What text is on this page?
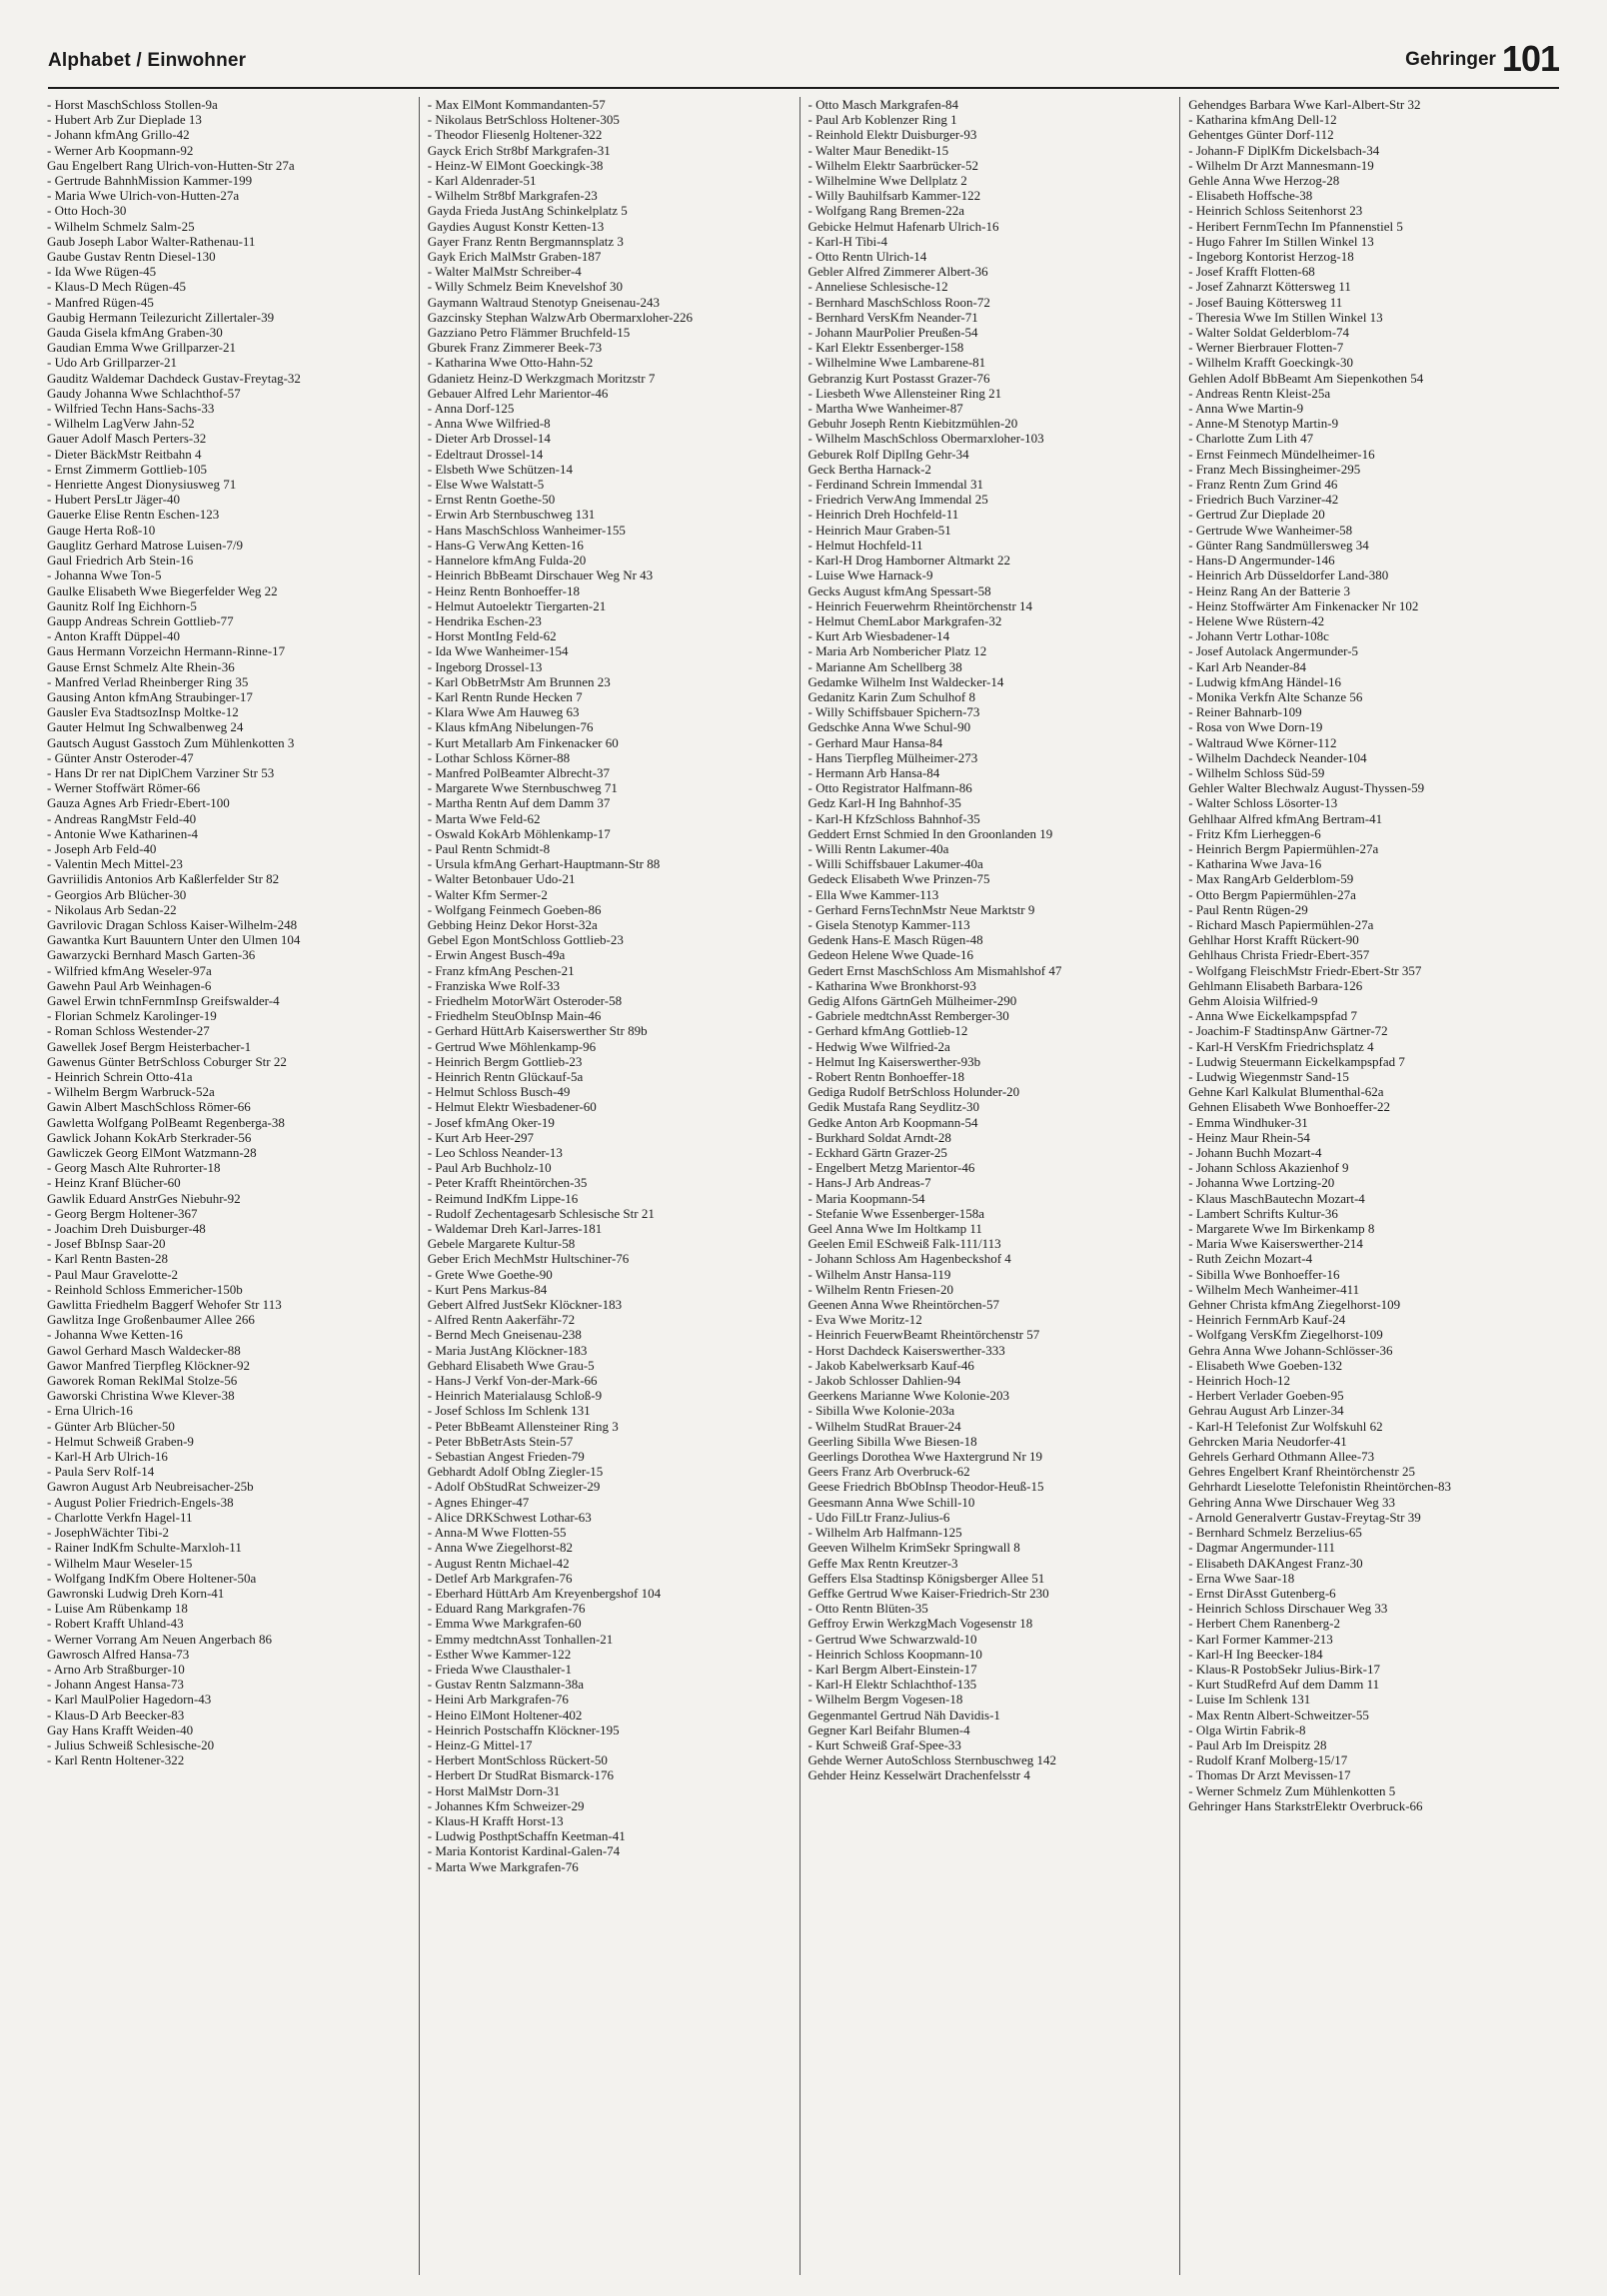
Alphabet / Einwohner	Gehringer 101
- Horst MaschSchloss Stollen-9a
- Hubert Arb Zur Dieplade 13
- Johann kfmAng Grillo-42
- Werner Arb Koopmann-92
Gau Engelbert Rang Ulrich-von-Hutten-Str 27a
- Gertrude BahnhMission Kammer-199
- Maria Wwe Ulrich-von-Hutten-27a
- Otto Hoch-30
- Wilhelm Schmelz Salm-25
Gaub Joseph Labor Walter-Rathenau-11
Gaube Gustav Rentn Diesel-130
- Ida Wwe Rügen-45
- Klaus-D Mech Rügen-45
- Manfred Rügen-45
Gaubig Hermann Teilezuricht Zillertaler-39
Gauda Gisela kfmAng Graben-30
Gaudian Emma Wwe Grillparzer-21
- Udo Arb Grillparzer-21
Gauditz Waldemar Dachdeck Gustav-Freytag-32
Gaudy Johanna Wwe Schlachthof-57
- Wilfried Techn Hans-Sachs-33
- Wilhelm LagVerw Jahn-52
Gauer Adolf Masch Perters-32
- Dieter BäckMstr Reitbahn 4
- Ernst Zimmerm Gottlieb-105
- Henriette Angest Dionysiusweg 71
- Hubert PersLtr Jäger-40
Gauerke Elise Rentn Eschen-123
Gauge Herta Roß-10
Gauglitz Gerhard Matrose Luisen-7/9
Gaul Friedrich Arb Stein-16
- Johanna Wwe Ton-5
Gaulke Elisabeth Wwe Biegerfelder Weg 22
Gaunitz Rolf Ing Eichhorn-5
Gaupp Andreas Schrein Gottlieb-77
- Anton Krafft Düppel-40
Gaus Hermann Vorzeichn Hermann-Rinne-17
Gause Ernst Schmelz Alte Rhein-36
- Manfred Verlad Rheinberger Ring 35
Gausing Anton kfmAng Straubinger-17
Gausler Eva StadtsozInsp Moltke-12
Gauter Helmut Ing Schwalbenweg 24
Gautsch August Gasstoch Zum Mühlenkotten 3
- Günter Anstr Osteroder-47
- Hans Dr rer nat DiplChem Varziner Str 53
- Werner Stoffwärt Römer-66
Gauza Agnes Arb Friedr-Ebert-100
- Andreas RangMstr Feld-40
- Antonie Wwe Katharinen-4
- Joseph Arb Feld-40
- Valentin Mech Mittel-23
Gavriilidis Antonios Arb Kaßlerfelder Str 82
- Georgios Arb Blücher-30
- Nikolaus Arb Sedan-22
Gavrilovic Dragan Schloss Kaiser-Wilhelm-248
Gawantka Kurt Bauuntern Unter den Ulmen 104
Gawarzycki Bernhard Masch Garten-36
- Wilfried kfmAng Weseler-97a
Gawehn Paul Arb Weinhagen-6
Gawel Erwin tchnFernmInsp Greifswalder-4
- Florian Schmelz Karolinger-19
- Roman Schloss Westender-27
Gawellek Josef Bergm Heisterbacher-1
Gawenus Günter BetrSchloss Coburger Str 22
- Heinrich Schrein Otto-41a
- Wilhelm Bergm Warbruck-52a
Gawin Albert MaschSchloss Römer-66
Gawletta Wolfgang PolBeamt Regenberga-38
Gawlick Johann KokArb Sterkrader-56
Gawliczek Georg ElMont Watzmann-28
- Georg Masch Alte Ruhrorter-18
- Heinz Kranf Blücher-60
Gawlik Eduard AnstrGes Niebuhr-92
- Georg Bergm Holtener-367
- Joachim Dreh Duisburger-48
- Josef BbInsp Saar-20
- Karl Rentn Basten-28
- Paul Maur Gravelotte-2
- Reinhold Schloss Emmericher-150b
Gawlitta Friedhelm Baggerf Wehofer Str 113
Gawlitza Inge Großenbaumer Allee 266
- Johanna Wwe Ketten-16
Gawol Gerhard Masch Waldecker-88
Gawor Manfred Tierpfleg Klöckner-92
Gaworek Roman ReklMal Stolze-56
Gaworski Christina Wwe Klever-38
- Erna Ulrich-16
- Günter Arb Blücher-50
- Helmut Schweiß Graben-9
- Karl-H Arb Ulrich-16
- Paula Serv Rolf-14
Gawron August Arb Neubreisacher-25b
- August Polier Friedrich-Engels-38
- Charlotte Verkfn Hagel-11
- JosephWächter Tibi-2
- Rainer IndKfm Schulte-Marxloh-11
- Wilhelm Maur Weseler-15
- Wolfgang IndKfm Obere Holtener-50a
Gawronski Ludwig Dreh Korn-41
- Luise Am Rübenkamp 18
- Robert Krafft Uhland-43
- Werner Vorrang Am Neuen Angerbach 86
Gawrosch Alfred Hansa-73
- Arno Arb Straßburger-10
- Johann Angest Hansa-73
- Karl MaulPolier Hagedorn-43
- Klaus-D Arb Beecker-83
Gay Hans Krafft Weiden-40
- Julius Schweiß Schlesische-20
- Karl Rentn Holtener-322
- Max ElMont Kommandanten-57
- Nikolaus BetrSchloss Holtener-305
- Theodor Fliesenlg Holtener-322
Gayck Erich Str8bf Markgrafen-31
- Heinz-W ElMont Goeckingk-38
- Karl Aldenrader-51
- Wilhelm Str8bf Markgrafen-23
Gayda Frieda JustAng Schinkelplatz 5
Gaydies August Konstr Ketten-13
Gayer Franz Rentn Bergmannsplatz 3
Gayk Erich MalMstr Graben-187
- Walter MalMstr Schreiber-4
- Willy Schmelz Beim Knevelshof 30
Gaymann Waltraud Stenotyp Gneisenau-243
Gazcinsky Stephan WalzwArb Obermarxloher-226
Gazziano Petro Flämmer Bruchfeld-15
Gburek Franz Zimmerer Beek-73
- Katharina Wwe Otto-Hahn-52
Gdanietz Heinz-D Werkzgmach Moritzstr 7
Gebauer Alfred Lehr Marientor-46
- Anna Dorf-125
- Anna Wwe Wilfried-8
- Dieter Arb Drossel-14
- Edeltraut Drossel-14
- Elsbeth Wwe Schützen-14
- Else Wwe Walstatt-5
- Ernst Rentn Goethe-50
- Erwin Arb Sternbuschweg 131
- Hans MaschSchloss Wanheimer-155
- Hans-G VerwAng Ketten-16
- Hannelore kfmAng Fulda-20
- Heinrich BbBeamt Dirschauer Weg Nr 43
- Heinz Rentn Bonhoeffer-18
- Helmut Autoelektr Tiergarten-21
- Hendrika Eschen-23
- Horst MontIng Feld-62
- Ida Wwe Wanheimer-154
- Ingeborg Drossel-13
- Karl ObBetrMstr Am Brunnen 23
- Karl Rentn Runde Hecken 7
- Klara Wwe Am Hauweg 63
- Klaus kfmAng Nibelungen-76
- Kurt Metallarb Am Finkenacker 60
- Lothar Schloss Körner-88
- Manfred PolBeamter Albrecht-37
- Margarete Wwe Sternbuschweg 71
- Martha Rentn Auf dem Damm 37
- Marta Wwe Feld-62
- Oswald KokArb Möhlenkamp-17
- Paul Rentn Schmidt-8
- Ursula kfmAng Gerhart-Hauptmann-Str 88
- Walter Betonbauer Udo-21
- Walter Kfm Sermer-2
- Wolfgang Feinmech Goeben-86
Gebbing Heinz Dekor Horst-32a
Gebel Egon MontSchloss Gottlieb-23
- Erwin Angest Busch-49a
- Franz kfmAng Peschen-21
- Franziska Wwe Rolf-33
- Friedhelm MotorWärt Osteroder-58
- Friedhelm SteuObInsp Main-46
- Gerhard HüttArb Kaiserswerther Str 89b
- Gertrud Wwe Möhlenkamp-96
- Heinrich Bergm Gottlieb-23
- Heinrich Rentn Glückauf-5a
- Helmut Schloss Busch-49
- Helmut Elektr Wiesbadener-60
- Josef kfmAng Oker-19
- Kurt Arb Heer-297
- Leo Schloss Neander-13
- Paul Arb Buchholz-10
- Peter Krafft Rheintörchen-35
- Reimund IndKfm Lippe-16
- Rudolf Zechentagesarb Schlesische Str 21
- Waldemar Dreh Karl-Jarres-181
Gebele Margarete Kultur-58
Geber Erich MechMstr Hultschiner-76
- Grete Wwe Goethe-90
- Kurt Pens Markus-84
Gebert Alfred JustSekr Klöckner-183
- Alfred Rentn Aakerfähr-72
- Bernd Mech Gneisenau-238
- Maria JustAng Klöckner-183
Gebhard Elisabeth Wwe Grau-5
- Hans-J Verkf Von-der-Mark-66
- Heinrich Materialausg Schloß-9
- Josef Schloss Im Schlenk 131
- Peter BbBeamt Allensteiner Ring 3
- Peter BbBetrAsts Stein-57
- Sebastian Angest Frieden-79
Gebhardt Adolf ObIng Ziegler-15
- Adolf ObStudRat Schweizer-29
- Agnes Ehinger-47
- Alice DRKSchwest Lothar-63
- Anna-M Wwe Flotten-55
- Anna Wwe Ziegelhorst-82
- August Rentn Michael-42
- Detlef Arb Markgrafen-76
- Eberhard HüttArb Am Kreyenbergshof 104
- Eduard Rang Markgrafen-76
- Emma Wwe Markgrafen-60
- Emmy medtchnAsst Tonhallen-21
- Esther Wwe Kammer-122
- Frieda Wwe Clausthaler-1
- Gustav Rentn Salzmann-38a
- Heini Arb Markgrafen-76
- Heino ElMont Holtener-402
- Heinrich Postschaffn Klöckner-195
- Heinz-G Mittel-17
- Herbert MontSchloss Rückert-50
- Herbert Dr StudRat Bismarck-176
- Horst MalMstr Dorn-31
- Johannes Kfm Schweizer-29
- Klaus-H Krafft Horst-13
- Ludwig PosthptSchaffn Keetman-41
- Maria Kontorist Kardinal-Galen-74
- Marta Wwe Markgrafen-76
- Otto Masch Markgrafen-84
- Paul Arb Koblenzer Ring 1
- Reinhold Elektr Duisburger-93
- Walter Maur Benedikt-15
- Wilhelm Elektr Saarbrücker-52
- Wilhelmine Wwe Dellplatz 2
- Willy Bauhilfsarb Kammer-122
- Wolfgang Rang Bremen-22a
Gebicke Helmut Hafenarb Ulrich-16
- Karl-H Tibi-4
- Otto Rentn Ulrich-14
Gebler Alfred Zimmerer Albert-36
- Anneliese Schlesische-12
- Bernhard MaschSchloss Roon-72
- Bernhard VersKfm Neander-71
- Johann MaurPolier Preußen-54
- Karl Elektr Essenberger-158
- Wilhelmine Wwe Lambarene-81
Gebranzig Kurt Postasst Grazer-76
- Liesbeth Wwe Allensteiner Ring 21
- Martha Wwe Wanheimer-87
Gebuhr Joseph Rentn Kiebitzmühlen-20
- Wilhelm MaschSchloss Obermarxloher-103
Geburek Rolf DiplIng Gehr-34
Geck Bertha Harnack-2
- Ferdinand Schrein Immendal 31
- Friedrich VerwAng Immendal 25
- Heinrich Dreh Hochfeld-11
- Heinrich Maur Graben-51
- Helmut Hochfeld-11
- Karl-H Drog Hamborner Altmarkt 22
- Luise Wwe Harnack-9
Gecks August kfmAng Spessart-58
- Heinrich Feuerwehrm Rheintörchenstr 14
- Helmut ChemLabor Markgrafen-32
- Kurt Arb Wiesbadener-14
- Maria Arb Nombericher Platz 12
- Marianne Am Schellberg 38
Gedamke Wilhelm Inst Waldecker-14
Gedanitz Karin Zum Schulhof 8
- Willy Schiffsbauer Spichern-73
Gedschke Anna Wwe Schul-90
- Gerhard Maur Hansa-84
- Hans Tierpfleg Mülheimer-273
- Hermann Arb Hansa-84
- Otto Registrator Halfmann-86
Gedz Karl-H Ing Bahnhof-35
- Karl-H KfzSchloss Bahnhof-35
Geddert Ernst Schmied In den Groonlanden 19
- Willi Rentn Lakumer-40a
- Willi Schiffsbauer Lakumer-40a
Gedeck Elisabeth Wwe Prinzen-75
- Ella Wwe Kammer-113
- Gerhard FernsTechnMstr Neue Marktstr 9
- Gisela Stenotyp Kammer-113
Gedenk Hans-E Masch Rügen-48
Gedeon Helene Wwe Quade-16
Gedert Ernst MaschSchloss Am Mismahlshof 47
- Katharina Wwe Bronkhorst-93
Gedig Alfons GärtnGeh Mülheimer-290
- Gabriele medtchnAsst Remberger-30
- Gerhard kfmAng Gottlieb-12
- Hedwig Wwe Wilfried-2a
- Helmut Ing Kaiserswerther-93b
- Robert Rentn Bonhoeffer-18
Gediga Rudolf BetrSchloss Holunder-20
Gedik Mustafa Rang Seydlitz-30
Gedke Anton Arb Koopmann-54
- Burkhard Soldat Arndt-28
- Eckhard Gärtn Grazer-25
- Engelbert Metzg Marientor-46
- Hans-J Arb Andreas-7
- Maria Koopmann-54
- Stefanie Wwe Essenberger-158a
Geel Anna Wwe Im Holtkamp 11
Geelen Emil ESchweiß Falk-111/113
- Johann Schloss Am Hagenbeckshof 4
- Wilhelm Anstr Hansa-119
- Wilhelm Rentn Friesen-20
Geenen Anna Wwe Rheintörchen-57
- Eva Wwe Moritz-12
- Heinrich FeuerwBeamt Rheintörchenstr 57
- Horst Dachdeck Kaiserswerther-333
- Jakob Kabelwerksarb Kauf-46
- Jakob Schlosser Dahlien-94
Geerkens Marianne Wwe Kolonie-203
- Sibilla Wwe Kolonie-203a
- Wilhelm StudRat Brauer-24
Geerling Sibilla Wwe Biesen-18
Geerlings Dorothea Wwe Haxtergrund Nr 19
Geers Franz Arb Overbruck-62
Geese Friedrich BbObInsp Theodor-Heuß-15
Geesmann Anna Wwe Schill-10
- Udo FilLtr Franz-Julius-6
- Wilhelm Arb Halfmann-125
Geeven Wilhelm KrimSekr Springwall 8
Geffe Max Rentn Kreutzer-3
Geffers Elsa Stadtinsp Königsberger Allee 51
Geffke Gertrud Wwe Kaiser-Friedrich-Str 230
- Otto Rentn Blüten-35
Geffroy Erwin WerkzgMach Vogesenstr 18
- Gertrud Wwe Schwarzwald-10
- Heinrich Schloss Koopmann-10
- Karl Bergm Albert-Einstein-17
- Karl-H Elektr Schlachthof-135
- Wilhelm Bergm Vogesen-18
Gegenmantel Gertrud Näh Davidis-1
Gegner Karl Beifahr Blumen-4
- Kurt Schweiß Graf-Spee-33
Gehde Werner AutoSchloss Sternbuschweg 142
Gehder Heinz Kesselwärt Drachenfelsstr 4
Gehendges Barbara Wwe Karl-Albert-Str 32
- Katharina kfmAng Dell-12
Gehentges Günter Dorf-112
- Johann-F DiplKfm Dickelsbach-34
- Wilhelm Dr Arzt Mannesmann-19
Gehle Anna Wwe Herzog-28
- Elisabeth Hoffsche-38
- Heinrich Schloss Seitenhorst 23
- Heribert FernmTechn Im Pfannenstiel 5
- Hugo Fahrer Im Stillen Winkel 13
- Ingeborg Kontorist Herzog-18
- Josef Krafft Flotten-68
- Josef Zahnarzt Köttersweg 11
- Josef Bauing Köttersweg 11
- Theresia Wwe Im Stillen Winkel 13
- Walter Soldat Gelderblom-74
- Werner Bierbrauer Flotten-7
- Wilhelm Krafft Goeckingk-30
Gehlen Adolf BbBeamt Am Siepenkothen 54
- Andreas Rentn Kleist-25a
- Anna Wwe Martin-9
- Anne-M Stenotyp Martin-9
- Charlotte Zum Lith 47
- Ernst Feinmech Mündelheimer-16
- Franz Mech Bissingheimer-295
- Franz Rentn Zum Grind 46
- Friedrich Buch Varziner-42
- Gertrud Zur Dieplade 20
- Gertrude Wwe Wanheimer-58
- Günter Rang Sandmüllersweg 34
- Hans-D Angermunder-146
- Heinrich Arb Düsseldorfer Land-380
- Heinz Rang An der Batterie 3
- Heinz Stoffwärter Am Finkenacker Nr 102
- Helene Wwe Rüstern-42
- Johann Vertr Lothar-108c
- Josef Autolack Angermunder-5
- Karl Arb Neander-84
- Ludwig kfmAng Händel-16
- Monika Verkfn Alte Schanze 56
- Reiner Bahnarb-109
- Rosa von Wwe Dorn-19
- Waltraud Wwe Körner-112
- Wilhelm Dachdeck Neander-104
- Wilhelm Schloss Süd-59
Gehler Walter Blechwalz August-Thyssen-59
- Walter Schloss Lösorter-13
Gehlhaar Alfred kfmAng Bertram-41
- Fritz Kfm Lierheggen-6
- Heinrich Bergm Papiermühlen-27a
- Katharina Wwe Java-16
- Max RangArb Gelderblom-59
- Otto Bergm Papiermühlen-27a
- Paul Rentn Rügen-29
- Richard Masch Papiermühlen-27a
Gehlhar Horst Krafft Rückert-90
Gehlhaus Christa Friedr-Ebert-357
- Wolfgang FleischMstr Friedr-Ebert-Str 357
Gehlmann Elisabeth Barbara-126
Gehm Aloisia Wilfried-9
- Anna Wwe Eickelkampspfad 7
- Joachim-F StadtinspAnw Gärtner-72
- Karl-H VersKfm Friedrichsplatz 4
- Ludwig Steuermann Eickelkampspfad 7
- Ludwig Wiegenmstr Sand-15
Gehne Karl Kalkulat Blumenthal-62a
Gehnen Elisabeth Wwe Bonhoeffer-22
- Emma Windhuker-31
- Heinz Maur Rhein-54
- Johann Buchh Mozart-4
- Johann Schloss Akazienhof 9
- Johanna Wwe Lortzing-20
- Klaus MaschBautechn Mozart-4
- Lambert Schrifts Kultur-36
- Margarete Wwe Im Birkenkamp 8
- Maria Wwe Kaiserswerther-214
- Ruth Zeichn Mozart-4
- Sibilla Wwe Bonhoeffer-16
- Wilhelm Mech Wanheimer-411
Gehner Christa kfmAng Ziegelhorst-109
- Heinrich FernmArb Kauf-24
- Wolfgang VersKfm Ziegelhorst-109
Gehra Anna Wwe Johann-Schlösser-36
- Elisabeth Wwe Goeben-132
- Heinrich Hoch-12
- Herbert Verlader Goeben-95
Gehrau August Arb Linzer-34
- Karl-H Telefonist Zur Wolfskuhl 62
Gehrcken Maria Neudorfer-41
Gehrels Gerhard Othmann Allee-73
Gehres Engelbert Kranf Rheintörchenstr 25
Gehrhardt Lieselotte Telefonistin Rheintörchen-83
Gehring Anna Wwe Dirschauer Weg 33
- Arnold Generalvertr Gustav-Freytag-Str 39
- Bernhard Schmelz Berzelius-65
- Dagmar Angermunder-111
- Elisabeth DAKAngest Franz-30
- Erna Wwe Saar-18
- Ernst DirAsst Gutenberg-6
- Heinrich Schloss Dirschauer Weg 33
- Herbert Chem Ranenberg-2
- Karl Former Kammer-213
- Karl-H Ing Beecker-184
- Klaus-R PostobSekr Julius-Birk-17
- Kurt StudRefrd Auf dem Damm 11
- Luise Im Schlenk 131
- Max Rentn Albert-Schweitzer-55
- Olga Wirtin Fabrik-8
- Paul Arb Im Dreispitz 28
- Rudolf Kranf Molberg-15/17
- Thomas Dr Arzt Mevissen-17
- Werner Schmelz Zum Mühlenkotten 5
Gehringer Hans StarkstrElektr Overbruck-66
